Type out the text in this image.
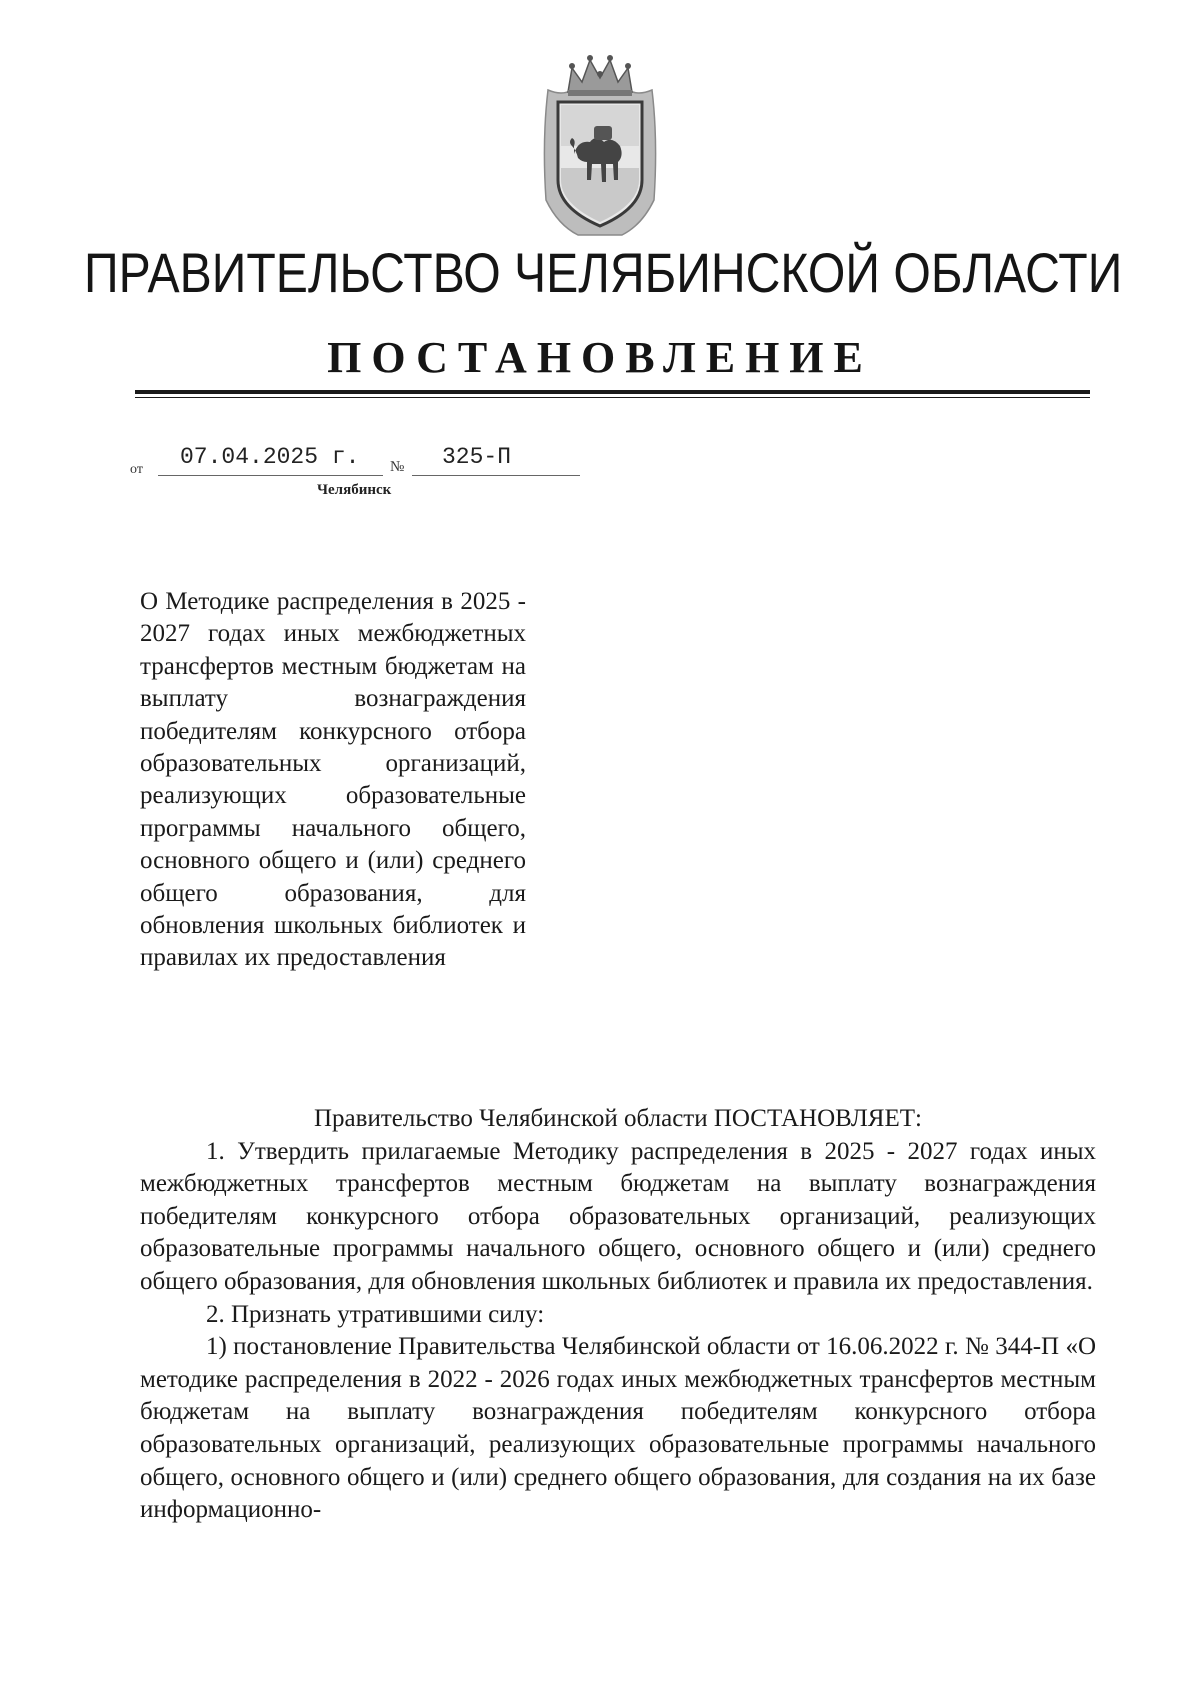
ПРАВИТЕЛЬСТВО ЧЕЛЯБИНСКОЙ ОБЛАСТИ
ПОСТАНОВЛЕНИЕ
от 07.04.2025 г. № 325-П
Челябинск
О Методике распределения в 2025 - 2027 годах иных межбюджетных трансфертов местным бюджетам на выплату вознаграждения победителям конкурсного отбора образовательных организаций, реализующих образовательные программы начального общего, основного общего и (или) среднего общего образования, для обновления школьных библиотек и правилах их предоставления

Правительство Челябинской области ПОСТАНОВЛЯЕТ:

1. Утвердить прилагаемые Методику распределения в 2025 - 2027 годах иных межбюджетных трансфертов местным бюджетам на выплату вознаграждения победителям конкурсного отбора образовательных организаций, реализующих образовательные программы начального общего, основного общего и (или) среднего общего образования, для обновления школьных библиотек и правила их предоставления.

2. Признать утратившими силу:

1) постановление Правительства Челябинской области от 16.06.2022 г. № 344-П «О методике распределения в 2022 - 2026 годах иных межбюджетных трансфертов местным бюджетам на выплату вознаграждения победителям конкурсного отбора образовательных организаций, реализующих образовательные программы начального общего, основного общего и (или) среднего общего образования, для создания на их базе информационно-
